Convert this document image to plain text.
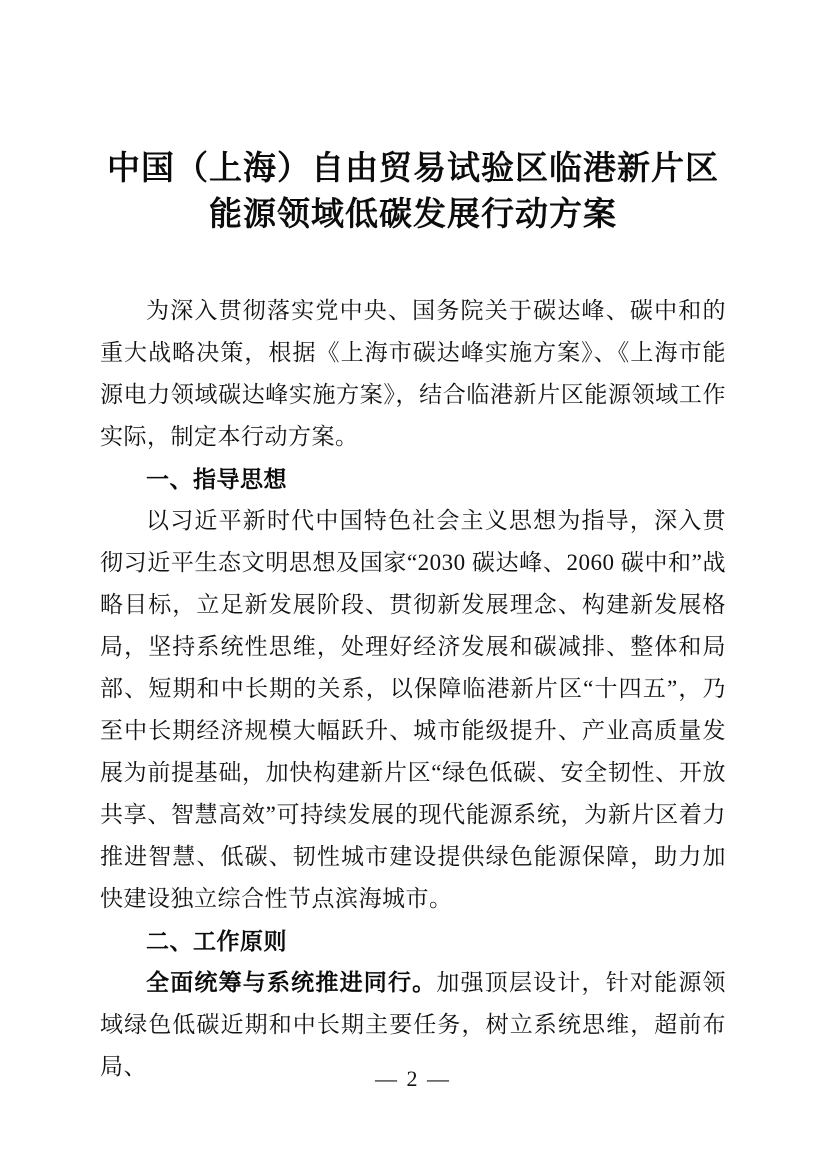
中国（上海）自由贸易试验区临港新片区
能源领域低碳发展行动方案

为深入贯彻落实党中央、国务院关于碳达峰、碳中和的重大战略决策，根据《上海市碳达峰实施方案》、《上海市能源电力领域碳达峰实施方案》，结合临港新片区能源领域工作实际，制定本行动方案。

一、指导思想

以习近平新时代中国特色社会主义思想为指导，深入贯彻习近平生态文明思想及国家“2030 碳达峰、2060 碳中和”战略目标，立足新发展阶段、贯彻新发展理念、构建新发展格局，坚持系统性思维，处理好经济发展和碳减排、整体和局部、短期和中长期的关系，以保障临港新片区“十四五”，乃至中长期经济规模大幅跃升、城市能级提升、产业高质量发展为前提基础，加快构建新片区“绿色低碳、安全韧性、开放共享、智慧高效”可持续发展的现代能源系统，为新片区着力推进智慧、低碳、韧性城市建设提供绿色能源保障，助力加快建设独立综合性节点滨海城市。

二、工作原则

全面统筹与系统推进同行。加强顶层设计，针对能源领域绿色低碳近期和中长期主要任务，树立系统思维，超前布局、	— 2 —
